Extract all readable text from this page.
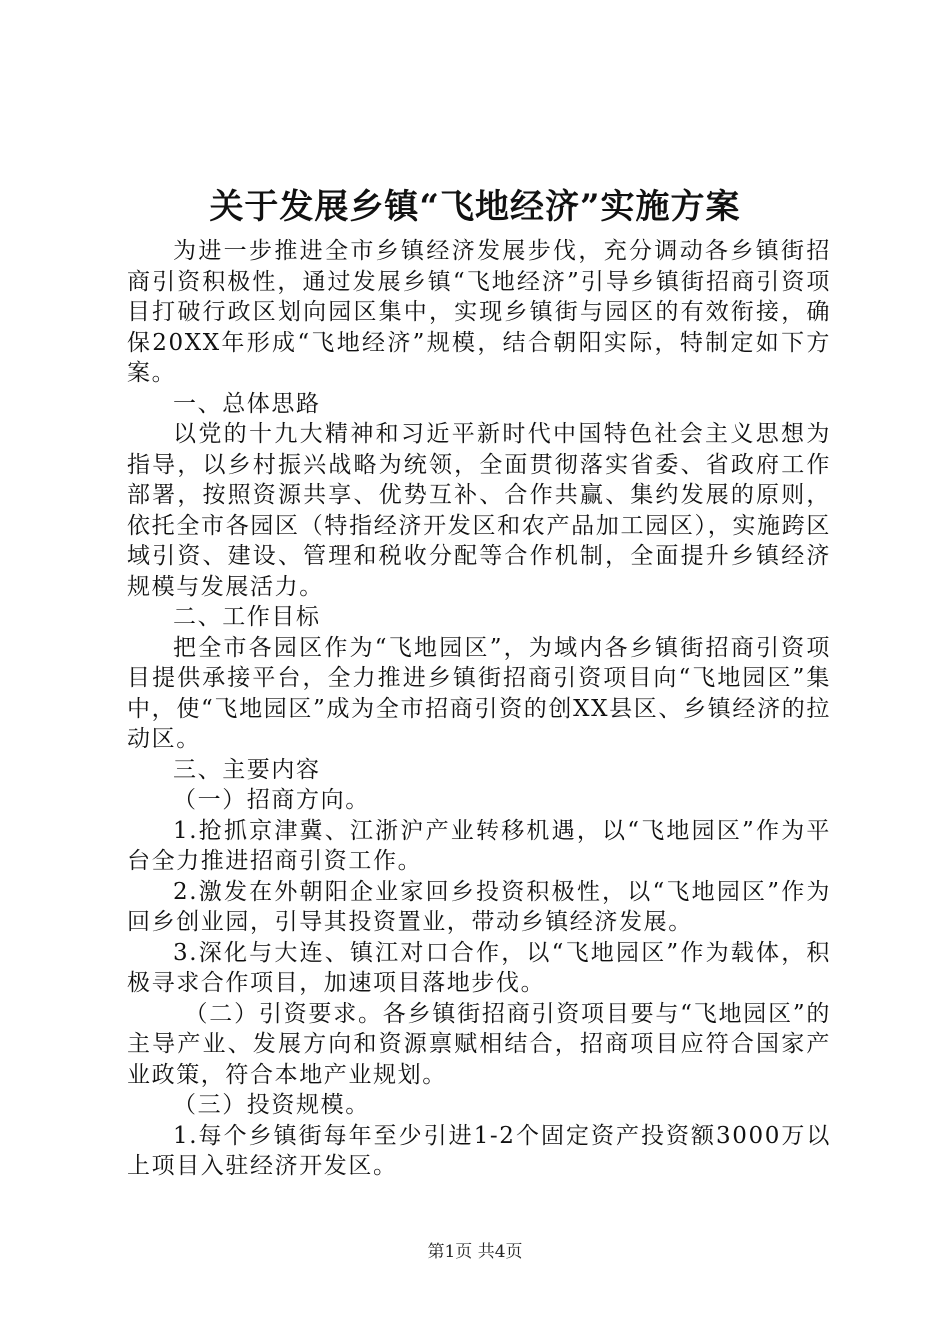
关于发展乡镇“飞地经济”实施方案

为进一步推进全市乡镇经济发展步伐，充分调动各乡镇街招商引资积极性，通过发展乡镇“飞地经济”引导乡镇街招商引资项目打破行政区划向园区集中，实现乡镇街与园区的有效衔接，确保20XX年形成“飞地经济”规模，结合朝阳实际，特制定如下方案。

一、总体思路

以党的十九大精神和习近平新时代中国特色社会主义思想为指导，以乡村振兴战略为统领，全面贯彻落实省委、省政府工作部署，按照资源共享、优势互补、合作共赢、集约发展的原则，依托全市各园区（特指经济开发区和农产品加工园区），实施跨区域引资、建设、管理和税收分配等合作机制，全面提升乡镇经济规模与发展活力。

二、工作目标

把全市各园区作为“飞地园区”，为域内各乡镇街招商引资项目提供承接平台，全力推进乡镇街招商引资项目向“飞地园区”集中，使“飞地园区”成为全市招商引资的创XX县区、乡镇经济的拉动区。

三、主要内容

（一）招商方向。

1.抢抓京津冀、江浙沪产业转移机遇，以“飞地园区”作为平台全力推进招商引资工作。

2.激发在外朝阳企业家回乡投资积极性，以“飞地园区”作为回乡创业园，引导其投资置业，带动乡镇经济发展。

3.深化与大连、镇江对口合作，以“飞地园区”作为载体，积极寻求合作项目，加速项目落地步伐。

（二）引资要求。各乡镇街招商引资项目要与“飞地园区”的主导产业、发展方向和资源禀赋相结合，招商项目应符合国家产业政策，符合本地产业规划。

（三）投资规模。

1.每个乡镇街每年至少引进1-2个固定资产投资额3000万以上项目入驻经济开发区。

第1页 共4页
